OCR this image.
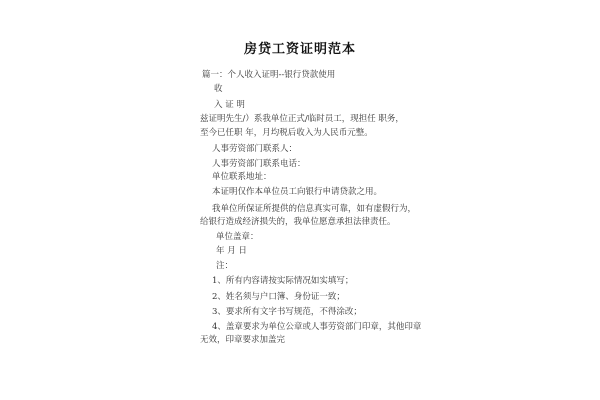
房贷工资证明范本
篇一：个人收入证明--银行贷款使用
收
入 证 明
兹证明先生/）系我单位正式/临时员工，现担任 职务，
至今已任职 年，月均税后收入为人民币元整。
人事劳资部门联系人：
人事劳资部门联系电话：
单位联系地址：
本证明仅作本单位员工向银行申请贷款之用。
我单位所保证所提供的信息真实可靠，如有虚假行为，
给银行造成经济损失的，我单位愿意承担法律责任。
单位盖章：
年 月 日
注：
1、所有内容请按实际情况如实填写；
2、姓名须与户口簿、身份证一致；
3、要求所有文字书写规范，不得涂改；
4、盖章要求为单位公章或人事劳资部门印章，其他印章
无效，印章要求加盖完
